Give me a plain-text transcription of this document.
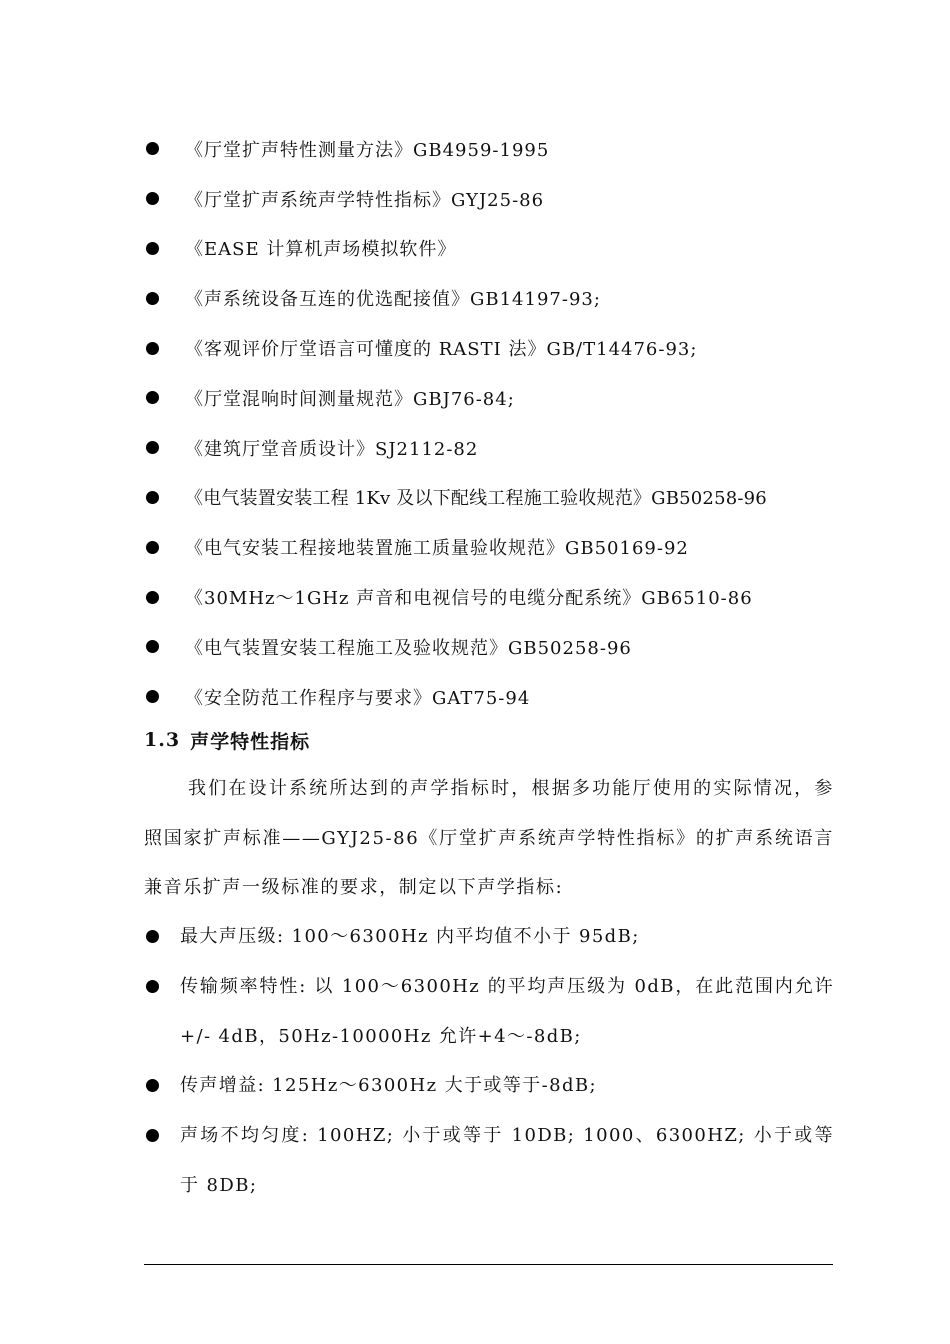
《厅堂扩声特性测量方法》GB4959-1995
《厅堂扩声系统声学特性指标》GYJ25-86
《EASE 计算机声场模拟软件》
《声系统设备互连的优选配接值》GB14197-93;
《客观评价厅堂语言可懂度的 RASTI 法》GB/T14476-93;
《厅堂混响时间测量规范》GBJ76-84;
《建筑厅堂音质设计》SJ2112-82
《电气装置安装工程 1Kv 及以下配线工程施工验收规范》GB50258-96
《电气安装工程接地装置施工质量验收规范》GB50169-92
《30MHz～1GHz 声音和电视信号的电缆分配系统》GB6510-86
《电气装置安装工程施工及验收规范》GB50258-96
《安全防范工作程序与要求》GAT75-94
1.3 声学特性指标

我们在设计系统所达到的声学指标时，根据多功能厅使用的实际情况，参照国家扩声标准——GYJ25-86《厅堂扩声系统声学特性指标》的扩声系统语言兼音乐扩声一级标准的要求，制定以下声学指标:

最大声压级: 100～6300Hz 内平均值不小于 95dB;
传输频率特性: 以 100～6300Hz 的平均声压级为 0dB，在此范围内允许+/- 4dB，50Hz-10000Hz 允许+4～-8dB;
传声增益: 125Hz～6300Hz 大于或等于-8dB;
声场不均匀度: 100HZ; 小于或等于 10DB; 1000、6300HZ; 小于或等于 8DB;
